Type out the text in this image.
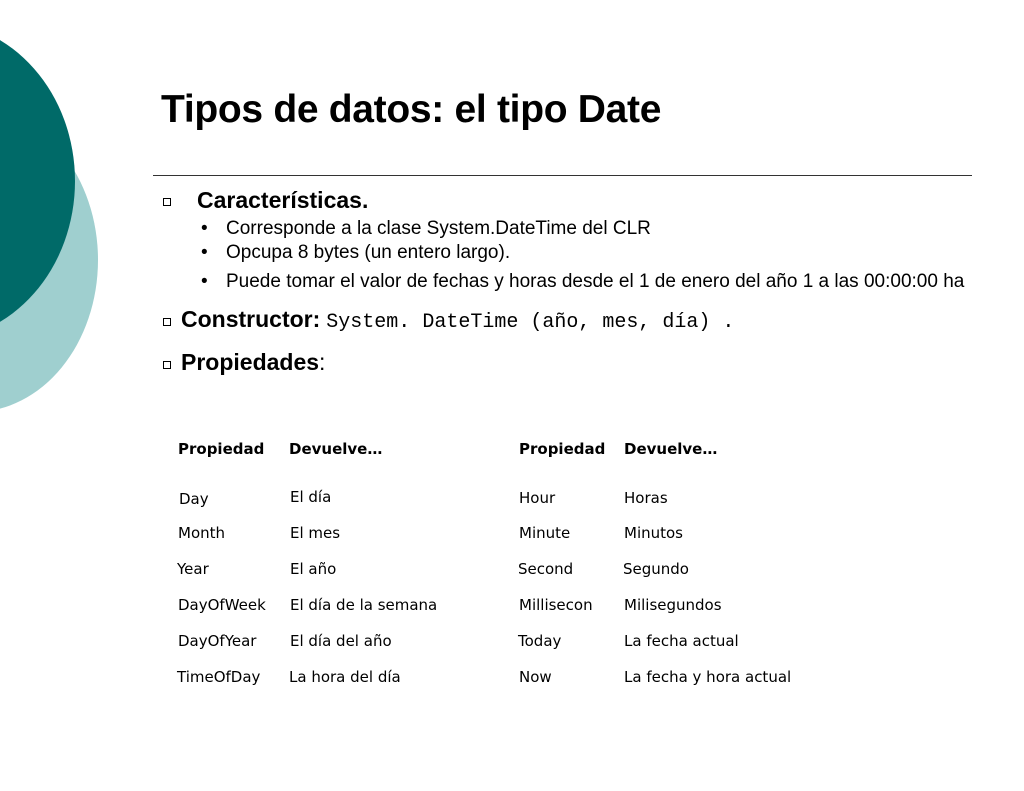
Tipos de datos: el tipo Date
Características.
• Corresponde a la clase System.DateTime del CLR
• Opcupa 8 bytes (un entero largo).
• Puede tomar el valor de fechas y horas desde el 1 de enero del año 1 a las 00:00:00 ha
Constructor: System. DateTime (año, mes, día) .
Propiedades:
Propiedad Devuelve…	Propiedad Devuelve…
Day	El día	Hour	Horas
Month	El mes	Minute	Minutos
Year	El año	Second	Segundo
DayOfWeek El día de la semana	Millisecon Milisegundos
DayOfYear El día del año	Today	La fecha actual
TimeOfDay La hora del día	Now	La fecha y hora actual
